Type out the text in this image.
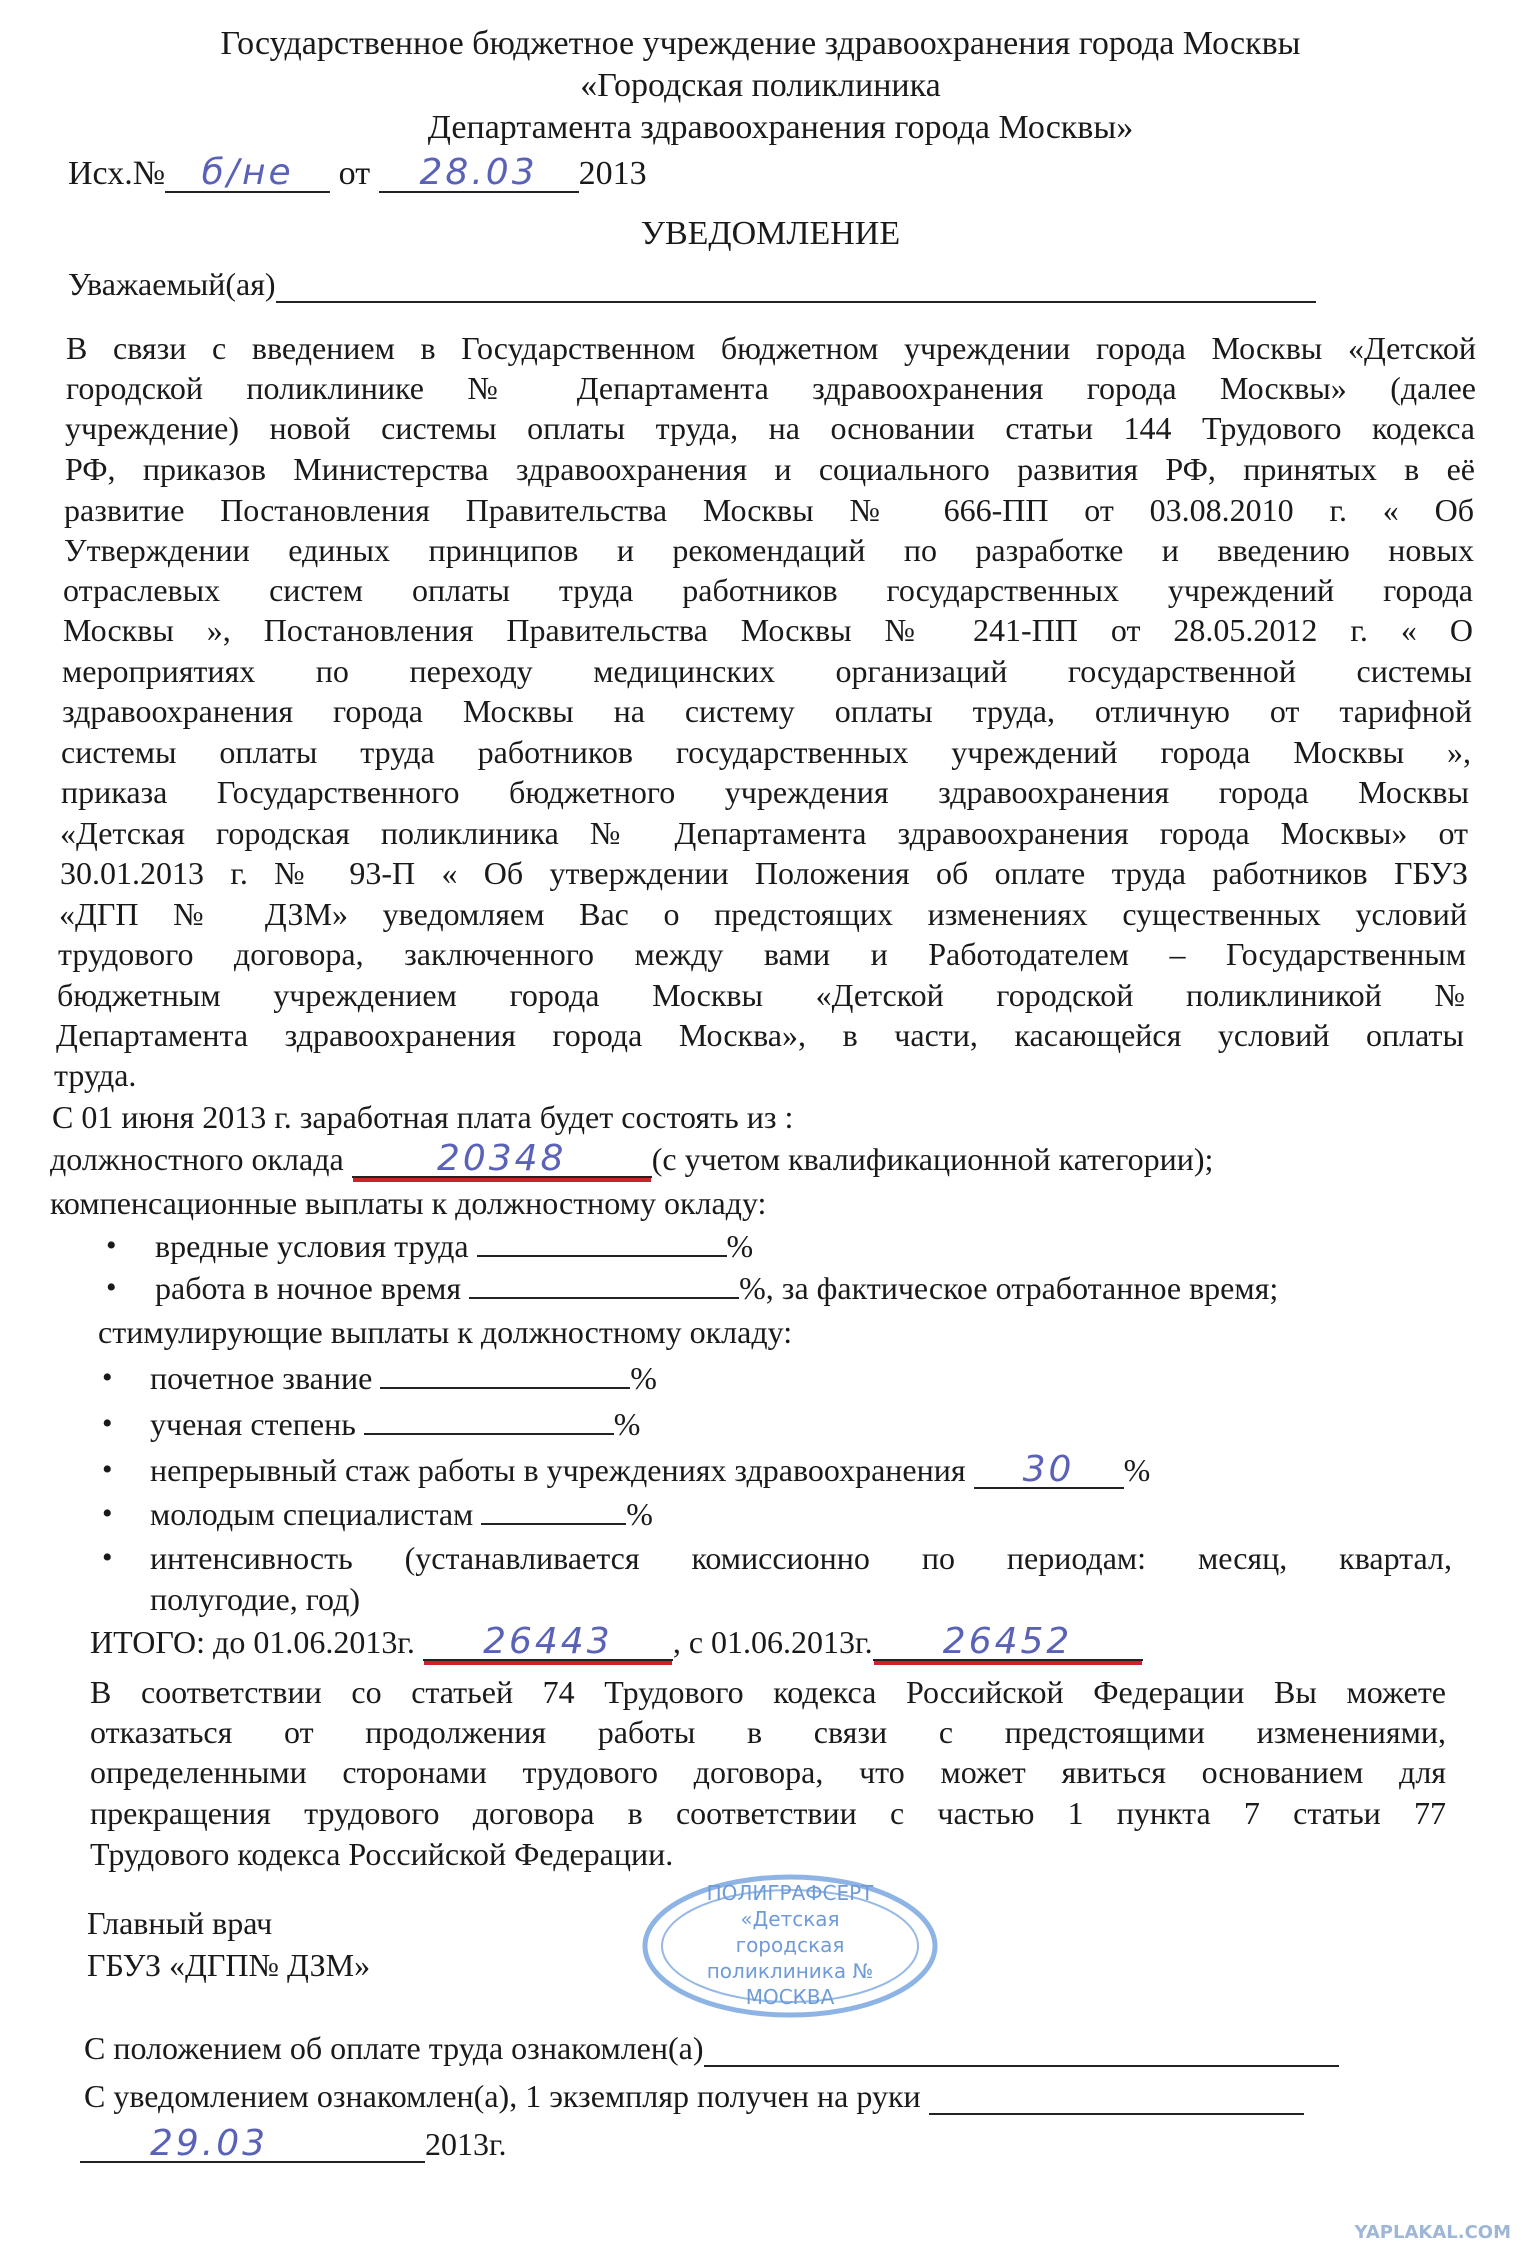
Государственное бюджетное учреждение здравоохранения города Москвы
«Городская поликлиника
Департамента здравоохранения города Москвы»
Исх.№ б/не от 28.03 2013
УВЕДОМЛЕНИЕ
Уважаемый(ая)
В связи с введением в Государственном бюджетном учреждении города Москвы «Детской
городской поликлинике № Департамента здравоохранения города Москвы» (далее
учреждение) новой системы оплаты труда, на основании статьи 144 Трудового кодекса
РФ, приказов Министерства здравоохранения и социального развития РФ, принятых в её
развитие Постановления Правительства Москвы № 666-ПП от 03.08.2010 г. « Об
Утверждении единых принципов и рекомендаций по разработке и введению новых
отраслевых систем оплаты труда работников государственных учреждений города
Москвы », Постановления Правительства Москвы № 241-ПП от 28.05.2012 г. « О
мероприятиях по переходу медицинских организаций государственной системы
здравоохранения города Москвы на систему оплаты труда, отличную от тарифной
системы оплаты труда работников государственных учреждений города Москвы »,
приказа Государственного бюджетного учреждения здравоохранения города Москвы
«Детская городская поликлиника № Департамента здравоохранения города Москвы» от
30.01.2013 г. № 93-П « Об утверждении Положения об оплате труда работников ГБУЗ
«ДГП № ДЗМ» уведомляем Вас о предстоящих изменениях существенных условий
трудового договора, заключенного между вами и Работодателем – Государственным
бюджетным учреждением города Москвы «Детской городской поликлиникой №
Департамента здравоохранения города Москва», в части, касающейся условий оплаты
труда.
С 01 июня 2013 г. заработная плата будет состоять из :
должностного оклада	20348	(с учетом квалификационной категории);
компенсационные выплаты к должностному окладу:
• вредные условия труда	%
• работа в ночное время	%, за фактическое отработанное время;
стимулирующие выплаты к должностному окладу:
• почетное звание	%
• ученая степень	%
• непрерывный стаж работы в учреждениях здравоохранения 30 %
• молодым специалистам	%
• интенсивность (устанавливается комиссионно по периодам: месяц, квартал,
полугодие, год)
ИТОГО: до 01.06.2013г. 26443 , с 01.06.2013г. 26452
В соответствии со статьей 74 Трудового кодекса Российской Федерации Вы можете
отказаться от продолжения работы в связи с предстоящими изменениями,
определенными сторонами трудового договора, что может явиться основанием для
прекращения трудового договора в соответствии с частью 1 пункта 7 статьи 77
Трудового кодекса Российской Федерации.
ПОЛИГРАФСЕРТ
«Детская
городская
поликлиника №
МОСКВА
Главный врач
ГБУЗ «ДГП№ ДЗМ»
С положением об оплате труда ознакомлен(а)
С уведомлением ознакомлен(а), 1 экземпляр получен на руки
29.03	2013г.
YAPLAKAL.COM
